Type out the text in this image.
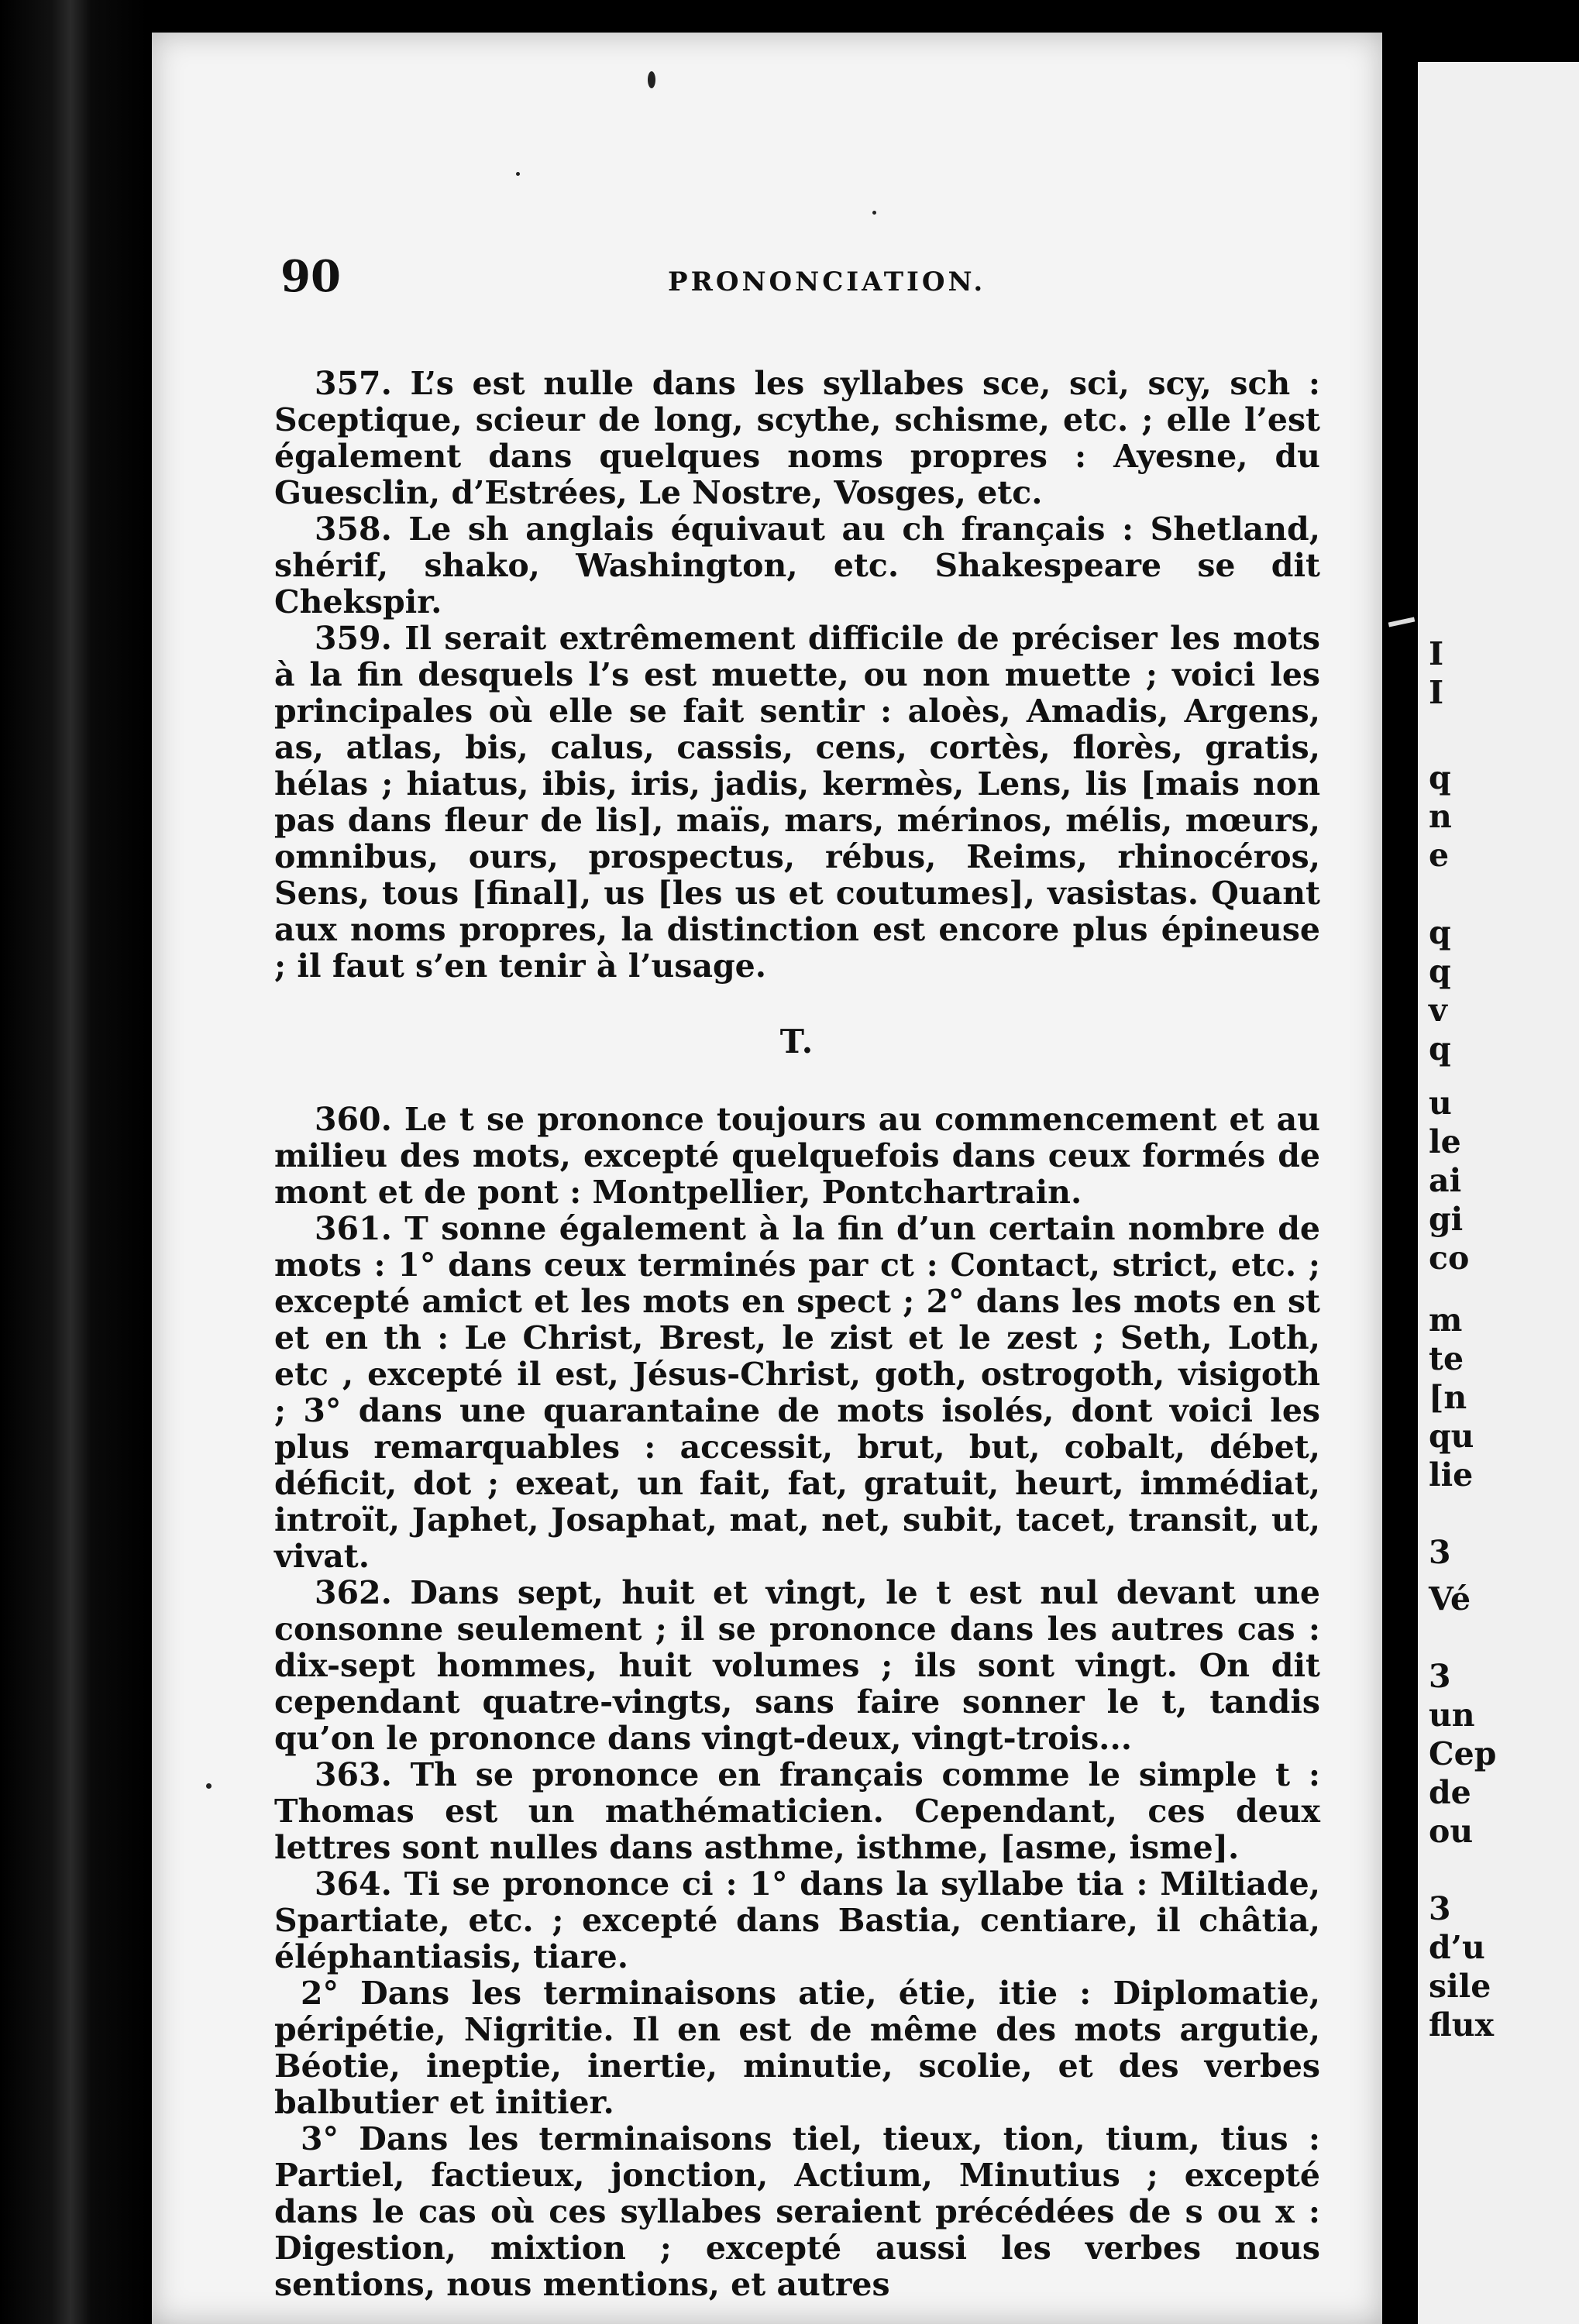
90	PRONONCIATION.

357. L’s est nulle dans les syllabes sce, sci, scy, sch : Sceptique, scieur de long, scythe, schisme, etc. ; elle l’est également dans quelques noms propres : Ayesne, du Guesclin, d’Estrées, Le Nostre, Vosges, etc.

358. Le sh anglais équivaut au ch français : Shetland, shérif, shako, Washington, etc. Shakespeare se dit Chekspir.

359. Il serait extrêmement difficile de préciser les mots à la fin desquels l’s est muette, ou non muette ; voici les principales où elle se fait sentir : aloès, Amadis, Argens, as, atlas, bis, calus, cassis, cens, cortès, florès, gratis, hélas ; hiatus, ibis, iris, jadis, kermès, Lens, lis [mais non pas dans fleur de lis], maïs, mars, mérinos, mélis, mœurs, omnibus, ours, prospectus, rébus, Reims, rhinocéros, Sens, tous [final], us [les us et coutumes], vasistas. Quant aux noms propres, la distinction est encore plus épineuse ; il faut s’en tenir à l’usage.

T.

360. Le t se prononce toujours au commencement et au milieu des mots, excepté quelquefois dans ceux formés de mont et de pont : Montpellier, Pontchartrain.

361. T sonne également à la fin d’un certain nombre de mots : 1° dans ceux terminés par ct : Contact, strict, etc. ; excepté amict et les mots en spect ; 2° dans les mots en st et en th : Le Christ, Brest, le zist et le zest ; Seth, Loth, etc , excepté il est, Jésus-Christ, goth, ostrogoth, visigoth ; 3° dans une quarantaine de mots isolés, dont voici les plus remarquables : accessit, brut, but, cobalt, débet, déficit, dot ; exeat, un fait, fat, gratuit, heurt, immédiat, introït, Japhet, Josaphat, mat, net, subit, tacet, transit, ut, vivat.

362. Dans sept, huit et vingt, le t est nul devant une consonne seulement ; il se prononce dans les autres cas : dix-sept hommes, huit volumes ; ils sont vingt. On dit cependant quatre-vingts, sans faire sonner le t, tandis qu’on le prononce dans vingt-deux, vingt-trois...

363. Th se prononce en français comme le simple t : Thomas est un mathématicien. Cependant, ces deux lettres sont nulles dans asthme, isthme, [asme, isme].

364. Ti se prononce ci : 1° dans la syllabe tia : Miltiade, Spartiate, etc. ; excepté dans Bastia, centiare, il châtia, éléphantiasis, tiare.

2° Dans les terminaisons atie, étie, itie : Diplomatie, péripétie, Nigritie. Il en est de même des mots argutie, Béotie, ineptie, inertie, minutie, scolie, et des verbes balbutier et initier.

3° Dans les terminaisons tiel, tieux, tion, tium, tius : Partiel, factieux, jonction, Actium, Minutius ; excepté dans le cas où ces syllabes seraient précédées de s ou x : Digestion, mixtion ; excepté aussi les verbes nous sentions, nous mentions, et autres

I
I
q
n
e
q
q
v
q
u
le
ai
gi
co
m
te
[n
qu
lie
3
Vé
3
un
Cep
de
ou
3
d’u
sile
flux
